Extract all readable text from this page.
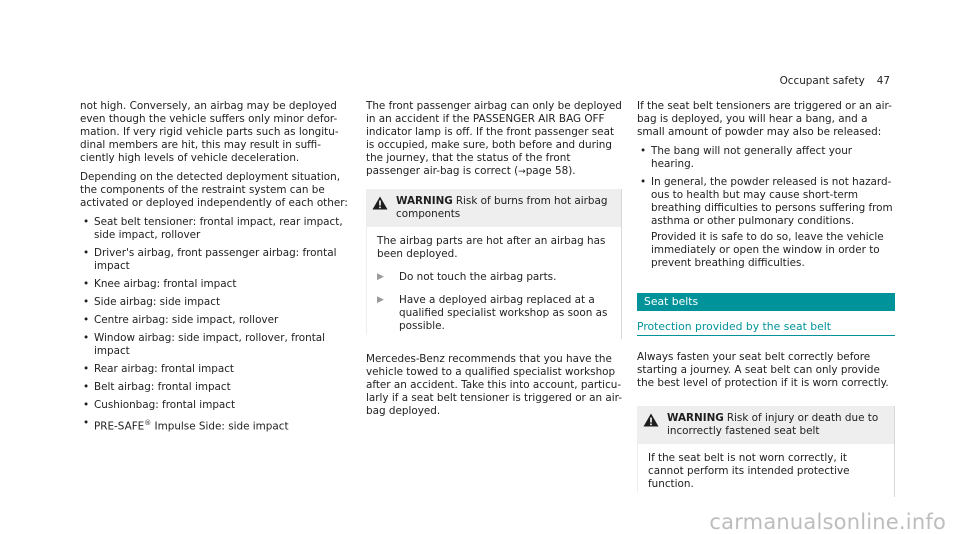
Occupant safety 47

not high. Conversely, an airbag may be deployed even though the vehicle suffers only minor defor-mation. If very rigid vehicle parts such as longitu-dinal members are hit, this may result in suffi-ciently high levels of vehicle deceleration.

Depending on the detected deployment situation, the components of the restraint system can be activated or deployed independently of each other:

• Seat belt tensioner: frontal impact, rear impact, side impact, rollover
• Driver's airbag, front passenger airbag: frontal impact
• Knee airbag: frontal impact
• Side airbag: side impact
• Centre airbag: side impact, rollover
• Window airbag: side impact, rollover, frontal impact
• Rear airbag: frontal impact
• Belt airbag: frontal impact
• Cushionbag: frontal impact
• PRE-SAFE® Impulse Side: side impact

The front passenger airbag can only be deployed in an accident if the PASSENGER AIR BAG OFF indicator lamp is off. If the front passenger seat is occupied, make sure, both before and during the journey, that the status of the front passenger air-bag is correct (→page 58).

WARNING Risk of burns from hot airbag components
The airbag parts are hot after an airbag has been deployed.
▶	Do not touch the airbag parts.
▶	Have a deployed airbag replaced at a qualified specialist workshop as soon as possible.

Mercedes-Benz recommends that you have the vehicle towed to a qualified specialist workshop after an accident. Take this into account, particu-larly if a seat belt tensioner is triggered or an air-bag deployed.

If the seat belt tensioners are triggered or an air-bag is deployed, you will hear a bang, and a small amount of powder may also be released:

• The bang will not generally affect your hearing.
• In general, the powder released is not hazard-ous to health but may cause short-term breathing difficulties to persons suffering from asthma or other pulmonary conditions.

Provided it is safe to do so, leave the vehicle immediately or open the window in order to prevent breathing difficulties.

Seat belts
Protection provided by the seat belt

Always fasten your seat belt correctly before starting a journey. A seat belt can only provide the best level of protection if it is worn correctly.

WARNING Risk of injury or death due to incorrectly fastened seat belt
If the seat belt is not worn correctly, it cannot perform its intended protective function.
carmanualsonline.info
